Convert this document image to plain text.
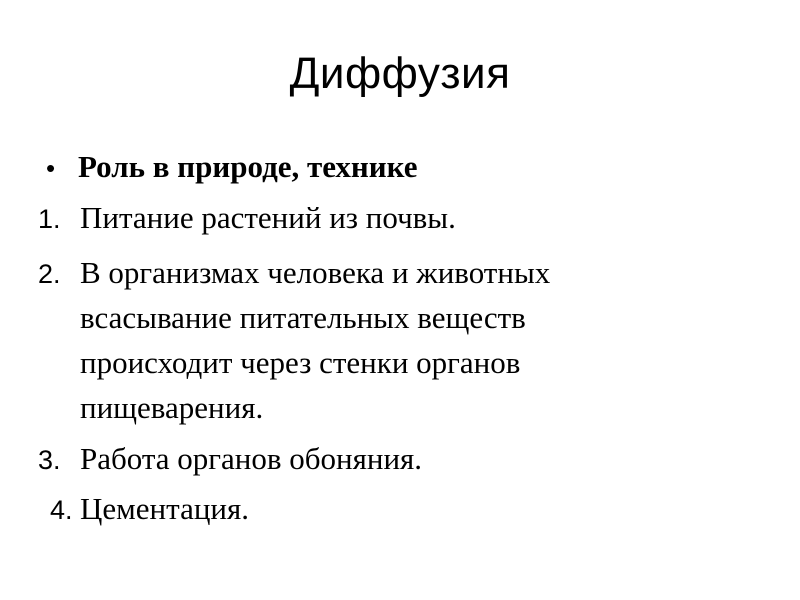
Диффузия
• Роль в природе, технике
1. Питание растений из почвы.
2. В организмах человека и животных
всасывание питательных веществ
происходит через стенки органов
пищеварения.
3. Работа органов обоняния.
4. Цементация.
